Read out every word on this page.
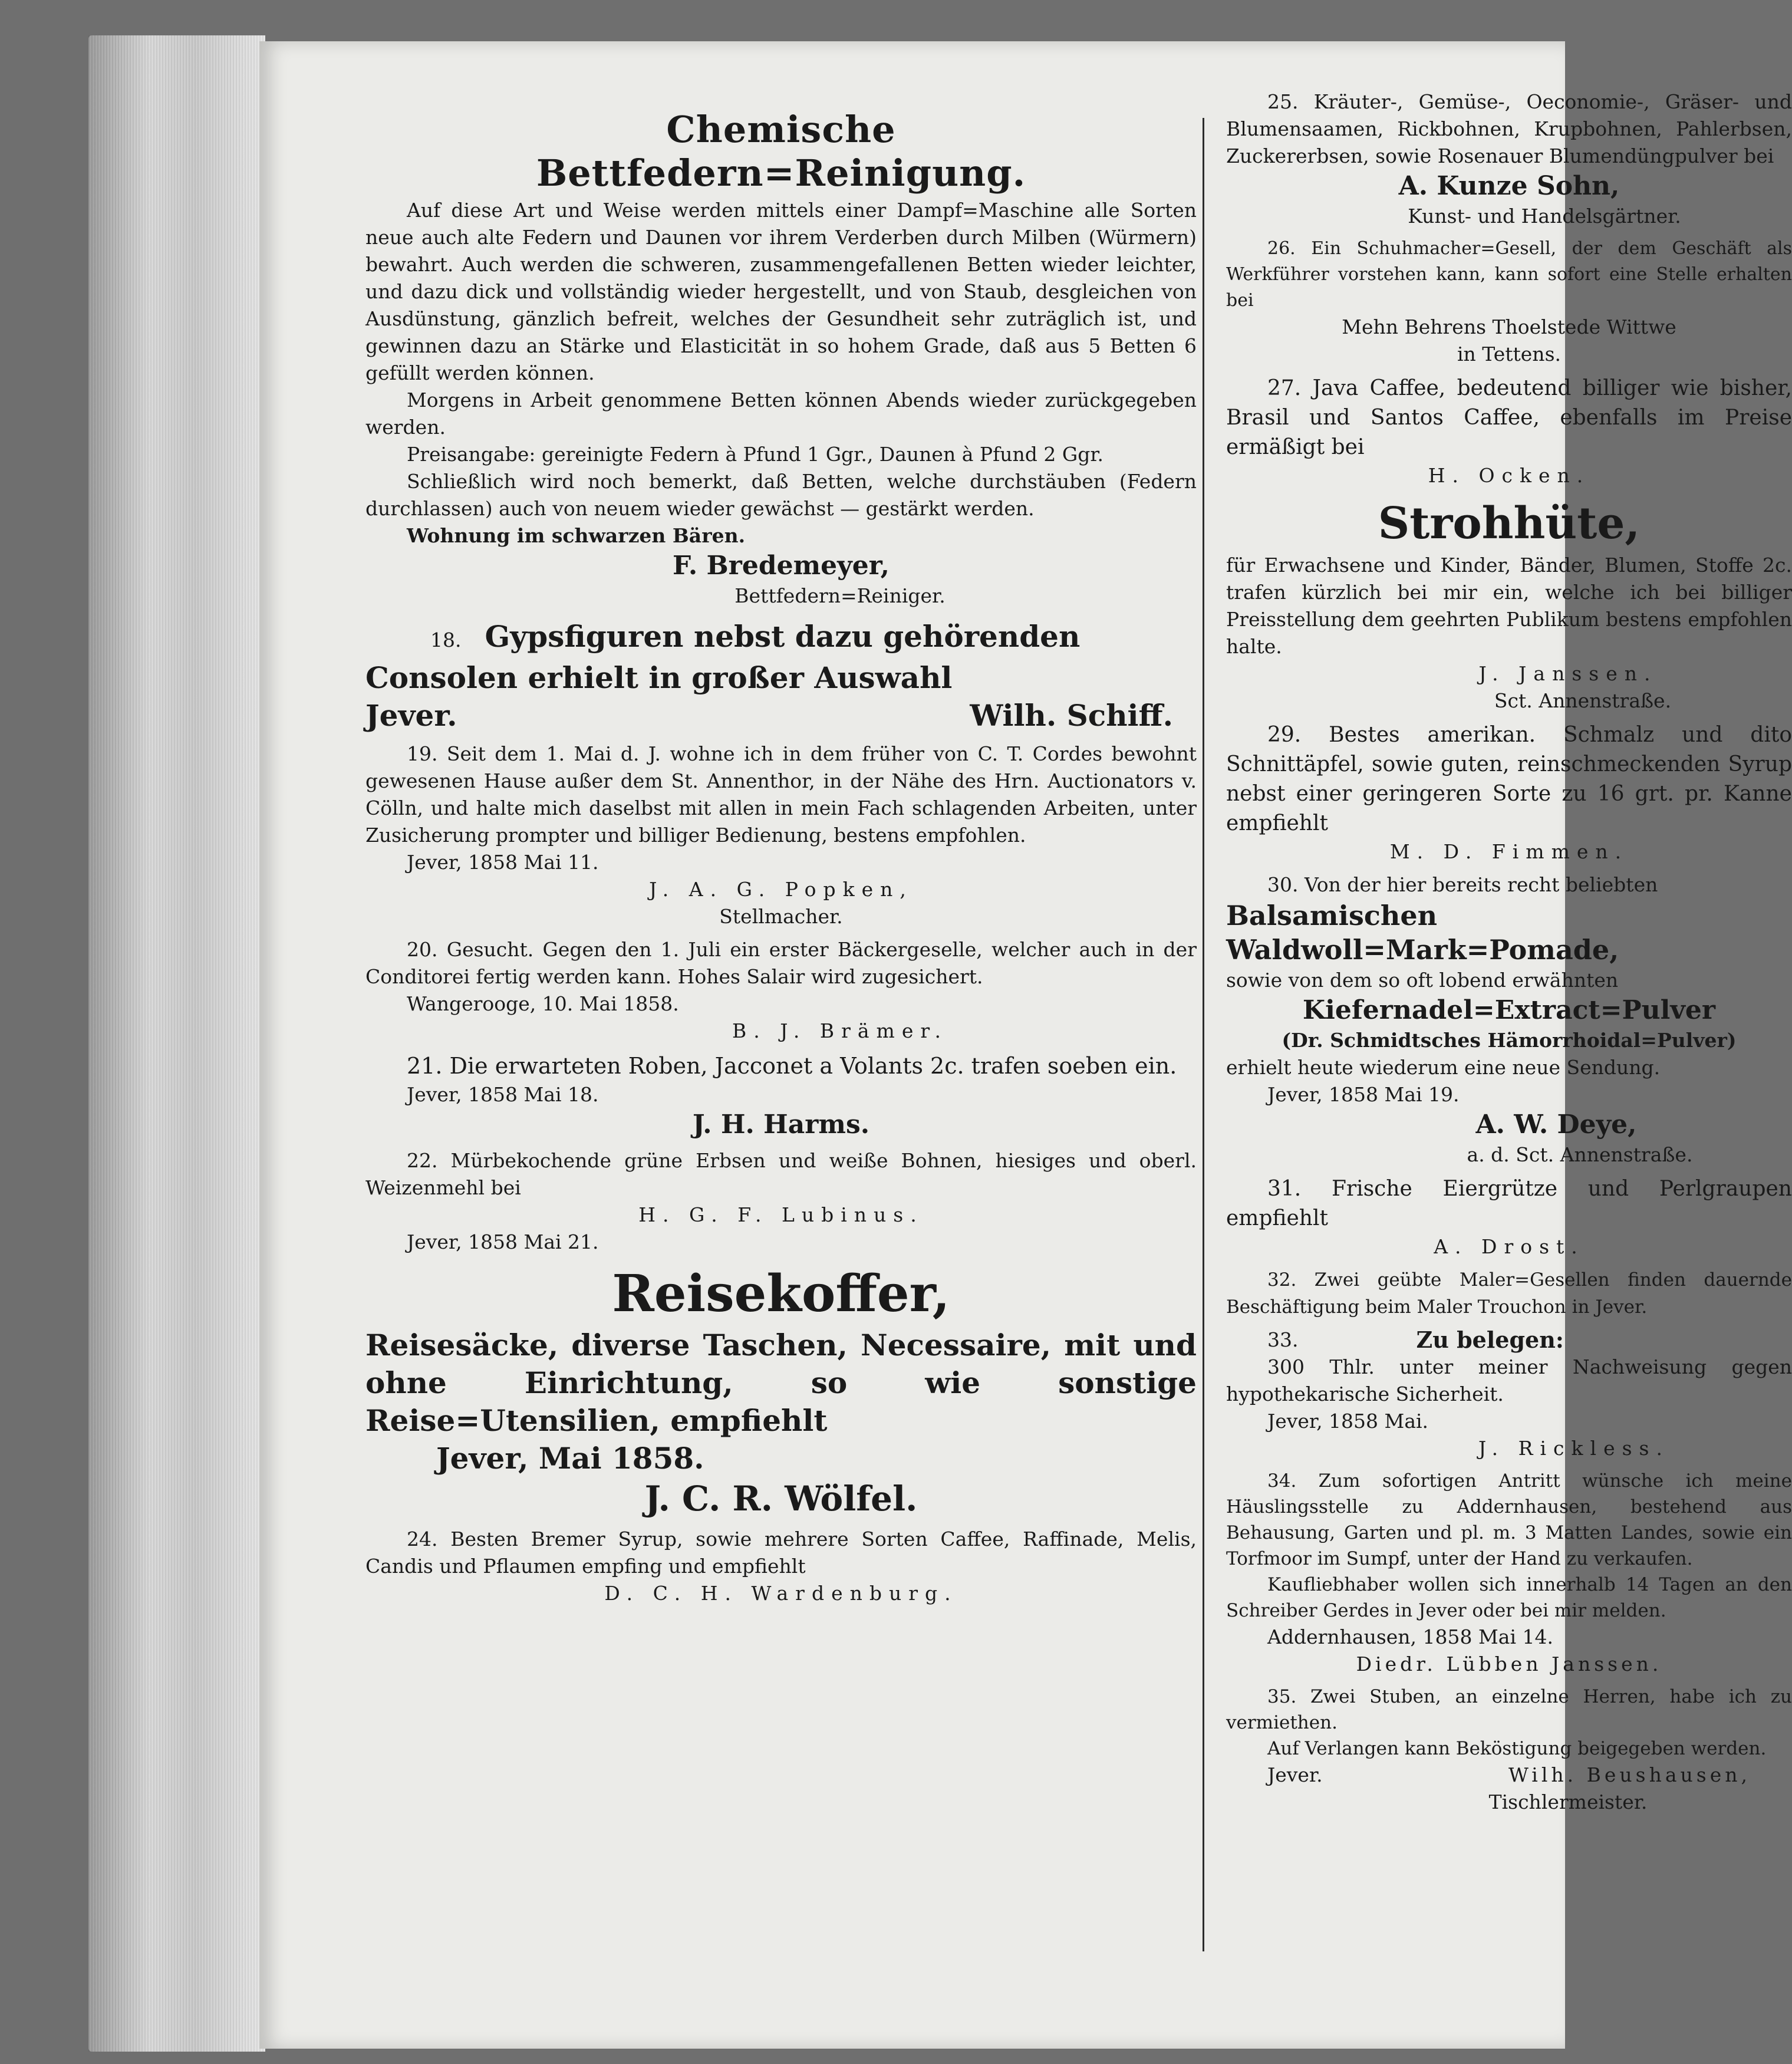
Chemische
Bettfedern=Reinigung.

Auf diese Art und Weise werden mittels einer Dampf=Maschine alle Sorten neue auch alte Federn und Daunen vor ihrem Verderben durch Milben (Würmern) bewahrt. Auch werden die schweren, zusammengefallenen Betten wieder leichter, und dazu dick und vollständig wieder hergestellt, und von Staub, desgleichen von Ausdünstung, gänzlich befreit, welches der Gesundheit sehr zuträglich ist, und gewinnen dazu an Stärke und Elasticität in so hohem Grade, daß aus 5 Betten 6 gefüllt werden können.

Morgens in Arbeit genommene Betten können Abends wieder zurückgegeben werden.

Preisangabe: gereinigte Federn à Pfund 1 Ggr., Daunen à Pfund 2 Ggr.

Schließlich wird noch bemerkt, daß Betten, welche durchstäuben (Federn durchlassen) auch von neuem wieder gewächst — gestärkt werden.

Wohnung im schwarzen Bären.

F. Bredemeyer,
Bettfedern=Reiniger.
18. Gypsfiguren nebst dazu gehörenden Consolen erhielt in großer Auswahl
Jever.	Wilh. Schiff.

19. Seit dem 1. Mai d. J. wohne ich in dem früher von C. T. Cordes bewohnt gewesenen Hause außer dem St. Annenthor, in der Nähe des Hrn. Auctionators v. Cölln, und halte mich daselbst mit allen in mein Fach schlagenden Arbeiten, unter Zusicherung prompter und billiger Bedienung, bestens empfohlen.

Jever, 1858 Mai 11.

J. A. G. Popken,
Stellmacher.

20. Gesucht. Gegen den 1. Juli ein erster Bäckergeselle, welcher auch in der Conditorei fertig werden kann. Hohes Salair wird zugesichert.

Wangerooge, 10. Mai 1858.

B. J. Brämer.

21. Die erwarteten Roben, Jacconet a Volants 2c. trafen soeben ein.

Jever, 1858 Mai 18.

J. H. Harms.

22. Mürbekochende grüne Erbsen und weiße Bohnen, hiesiges und oberl. Weizenmehl bei

H. G. F. Lubinus.

Jever, 1858 Mai 21.

Reisekoffer,

Reisesäcke, diverse Taschen, Necessaire, mit und ohne Einrichtung, so wie sonstige Reise=Utensilien, empfiehlt

Jever, Mai 1858.
J. C. R. Wölfel.

24. Besten Bremer Syrup, sowie mehrere Sorten Caffee, Raffinade, Melis, Candis und Pflaumen empfing und empfiehlt

D. C. H. Wardenburg.

25. Kräuter-, Gemüse-, Oeconomie-, Gräser- und Blumensaamen, Rickbohnen, Krupbohnen, Pahlerbsen, Zuckererbsen, sowie Rosenauer Blumendüngpulver bei

A. Kunze Sohn,
Kunst- und Handelsgärtner.

26. Ein Schuhmacher=Gesell, der dem Geschäft als Werkführer vorstehen kann, kann sofort eine Stelle erhalten bei

Mehn Behrens Thoelstede Wittwe
in Tettens.

27. Java Caffee, bedeutend billiger wie bisher, Brasil und Santos Caffee, ebenfalls im Preise ermäßigt bei

H. Ocken.
Strohhüte,

für Erwachsene und Kinder, Bänder, Blumen, Stoffe 2c. trafen kürzlich bei mir ein, welche ich bei billiger Preisstellung dem geehrten Publikum bestens empfohlen halte.

J. Janssen.
Sct. Annenstraße.

29. Bestes amerikan. Schmalz und dito Schnittäpfel, sowie guten, reinschmeckenden Syrup nebst einer geringeren Sorte zu 16 grt. pr. Kanne empfiehlt

M. D. Fimmen.

30. Von der hier bereits recht beliebten

Balsamischen Waldwoll=Mark=Pomade,

sowie von dem so oft lobend erwähnten

Kiefernadel=Extract=Pulver
(Dr. Schmidtsches Hämorrhoidal=Pulver)

erhielt heute wiederum eine neue Sendung.

Jever, 1858 Mai 19.

A. W. Deye,
a. d. Sct. Annenstraße.

31. Frische Eiergrütze und Perlgraupen empfiehlt

A. Drost.

32. Zwei geübte Maler=Gesellen finden dauernde Beschäftigung beim Maler Trouchon in Jever.

33.	Zu belegen:

300 Thlr. unter meiner Nachweisung gegen hypothekarische Sicherheit.

Jever, 1858 Mai.

J. Rickless.

34. Zum sofortigen Antritt wünsche ich meine Häuslingsstelle zu Addernhausen, bestehend aus Behausung, Garten und pl. m. 3 Matten Landes, sowie ein Torfmoor im Sumpf, unter der Hand zu verkaufen.

Kaufliebhaber wollen sich innerhalb 14 Tagen an den Schreiber Gerdes in Jever oder bei mir melden.

Addernhausen, 1858 Mai 14.

Diedr. Lübben Janssen.

35. Zwei Stuben, an einzelne Herren, habe ich zu vermiethen.

Auf Verlangen kann Beköstigung beigegeben werden.

Jever.	Wilh. Beushausen,
Tischlermeister.
